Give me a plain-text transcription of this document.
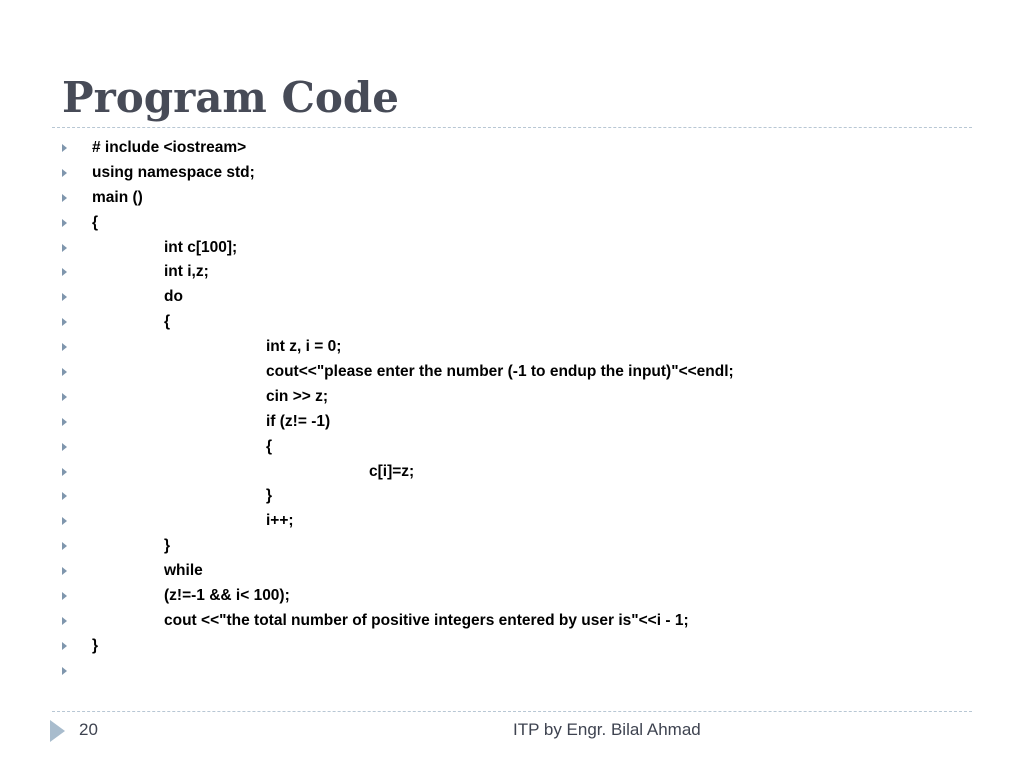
Program Code
# include <iostream>
using namespace std;
main ()
{
int c[100];
int i,z;
do
{
int z, i = 0;
cout<<"please enter the number (-1 to endup the input)"<<endl;
cin >> z;
if (z!= -1)
{
c[i]=z;
}
i++;
}
while
(z!=-1 && i< 100);
cout <<"the total number of positive integers entered by user is"<<i - 1;
}
20	ITP by Engr. Bilal Ahmad
